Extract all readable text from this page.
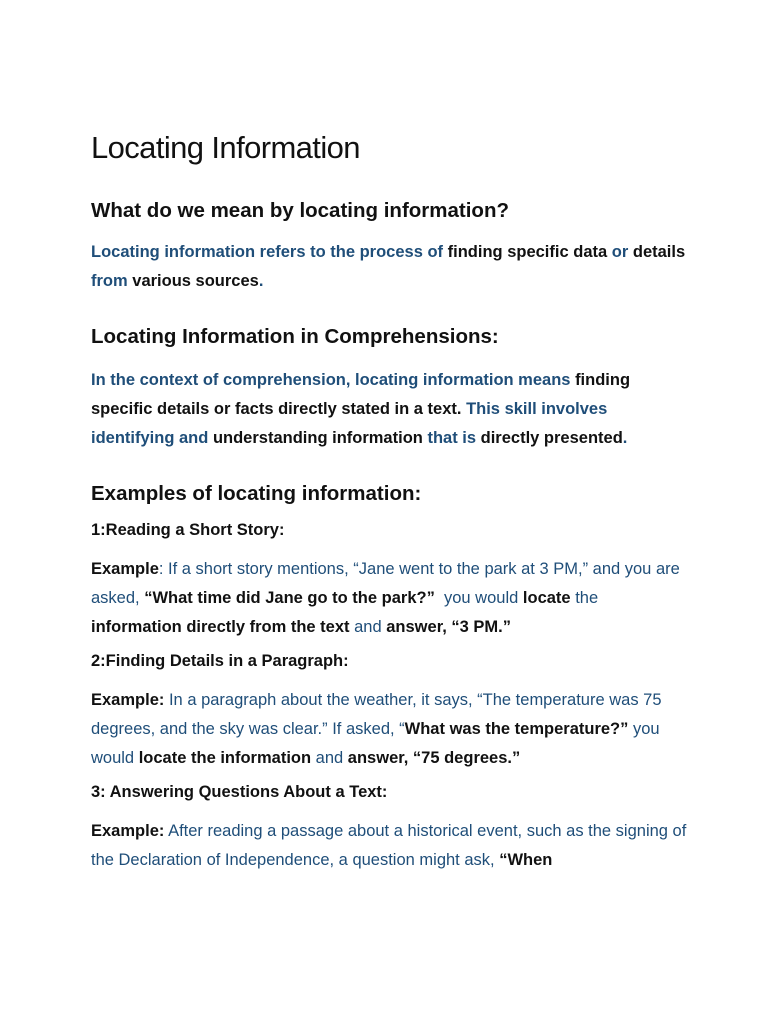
Locating Information
What do we mean by locating information?

Locating information refers to the process of finding specific data or details from various sources.

Locating Information in Comprehensions:

In the context of comprehension, locating information means finding specific details or facts directly stated in a text. This skill involves identifying and understanding information that is directly presented.

Examples of locating information:
1:Reading a Short Story:

Example: If a short story mentions, “Jane went to the park at 3 PM,” and you are asked, “What time did Jane go to the park?” you would locate the information directly from the text and answer, “3 PM.”

2:Finding Details in a Paragraph:

Example: In a paragraph about the weather, it says, “The temperature was 75 degrees, and the sky was clear.” If asked, “What was the temperature?” you would locate the information and answer, “75 degrees.”

3: Answering Questions About a Text:

Example: After reading a passage about a historical event, such as the signing of the Declaration of Independence, a question might ask, “When
